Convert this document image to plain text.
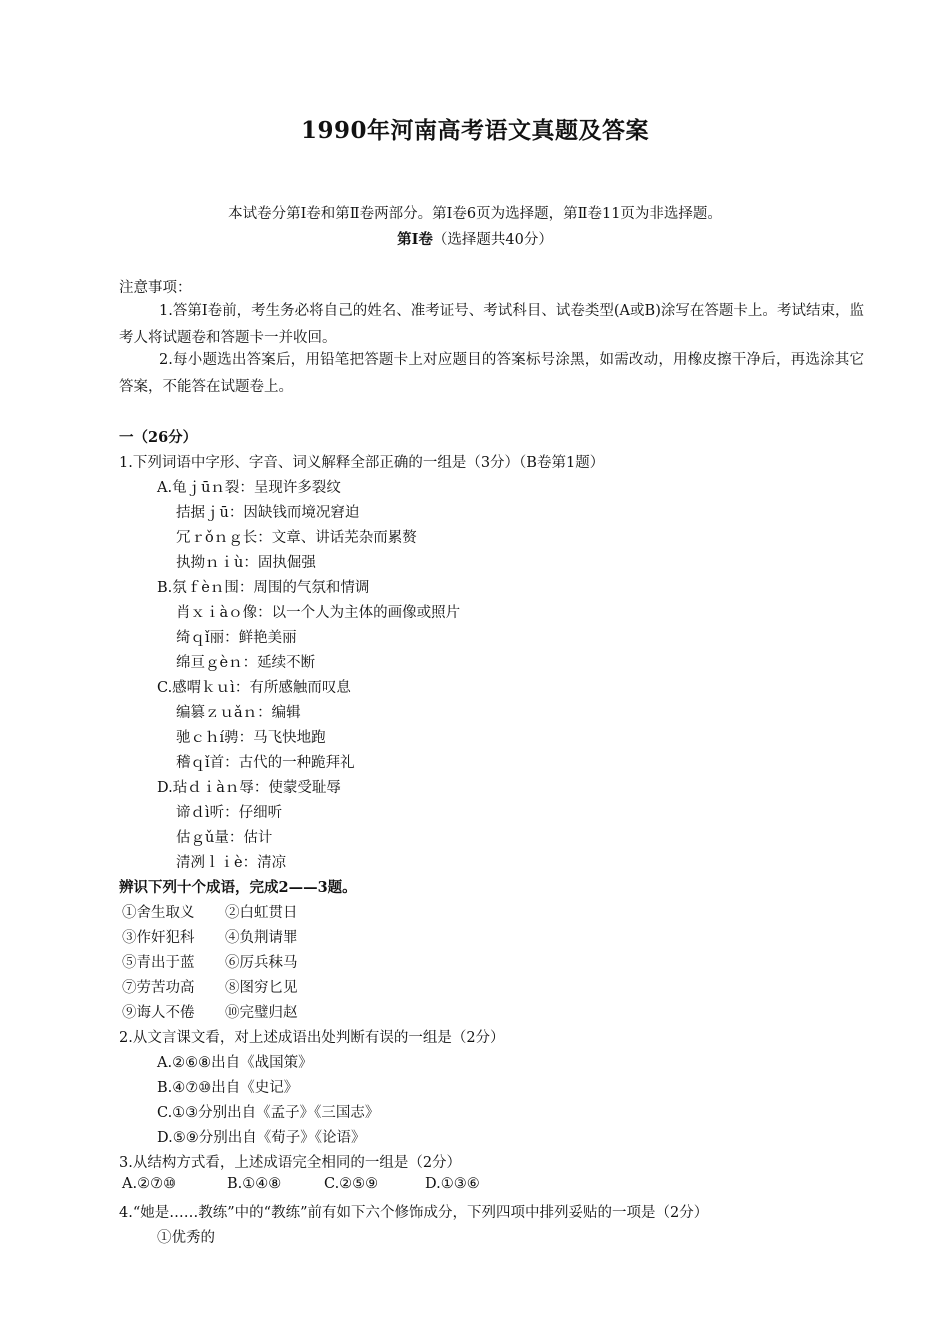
1990年河南高考语文真题及答案
本试卷分第Ⅰ卷和第Ⅱ卷两部分。第Ⅰ卷6页为选择题，第Ⅱ卷11页为非选择题。
第Ⅰ卷（选择题共40分）
注意事项：
1.答第Ⅰ卷前，考生务必将自己的姓名、准考证号、考试科目、试卷类型(A或B)涂写在答题卡上。考试结束，监考人将试题卷和答题卡一并收回。
2.每小题选出答案后，用铅笔把答题卡上对应题目的答案标号涂黑，如需改动，用橡皮擦干净后，再选涂其它答案，不能答在试题卷上。
一（26分）
1.下列词语中字形、字音、词义解释全部正确的一组是（3分）（B卷第1题）
A.龟ｊūｎ裂：呈现许多裂纹
拮据ｊū：因缺钱而境况窘迫
冗ｒǒｎｇ长：文章、讲话芜杂而累赘
执拗ｎｉù：固执倔强
B.氛ｆèｎ围：周围的气氛和情调
肖ｘｉàｏ像：以一个人为主体的画像或照片
绮ｑǐ丽：鲜艳美丽
绵亘ｇèｎ：延续不断
C.感喟ｋｕì：有所感触而叹息
编篡ｚｕǎｎ：编辑
驰ｃｈí骋：马飞快地跑
稽ｑǐ首：古代的一种跪拜礼
D.玷ｄｉàｎ辱：使蒙受耻辱
谛ｄì听：仔细听
估ｇǔ量：估计
清冽ｌｉè：清凉
辨识下列十个成语，完成2——3题。
①舍生取义 ②白虹贯日
③作奸犯科 ④负荆请罪
⑤青出于蓝 ⑥厉兵秣马
⑦劳苦功高 ⑧图穷匕见
⑨诲人不倦 ⑩完璧归赵
2.从文言课文看，对上述成语出处判断有误的一组是（2分）
A.②⑥⑧出自《战国策》
B.④⑦⑩出自《史记》
C.①③分别出自《孟子》《三国志》
D.⑤⑨分别出自《荀子》《论语》
3.从结构方式看，上述成语完全相同的一组是（2分）
A.②⑦⑩	B.①④⑧	C.②⑤⑨	D.①③⑥
4.“她是……教练”中的“教练”前有如下六个修饰成分，下列四项中排列妥贴的一项是（2分）
①优秀的
